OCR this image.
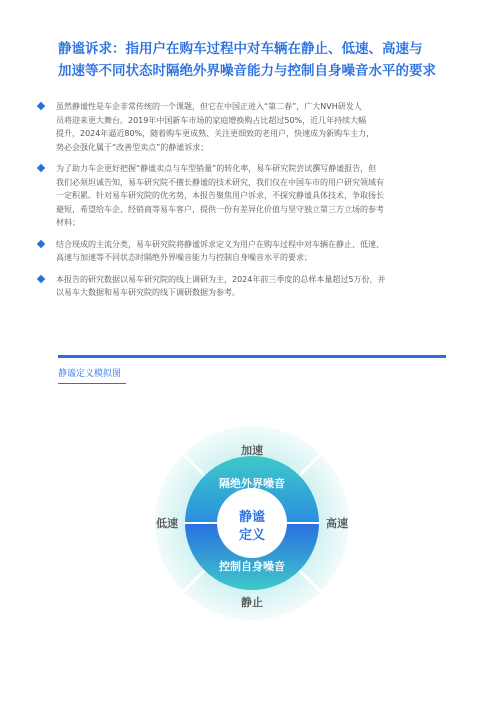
静谧诉求：指用户在购车过程中对车辆在静止、低速、高速与
加速等不同状态时隔绝外界噪音能力与控制自身噪音水平的要求
虽然静谧性是车企非常传统的一个课题，但它在中国正进入“第二春”，广大NVH研发人
员将迎来更大舞台。2019年中国新车市场的家庭增换购占比超过50%，近几年持续大幅
提升，2024年逼近80%，随着购车更成熟、关注更细致的老用户，快速成为新购车主力，
势必会强化属于“改善型卖点”的静谧诉求；
为了助力车企更好把握“静谧卖点与车型销量”的转化率，易车研究院尝试撰写静谧报告，但
我们必须坦诚告知，易车研究院不擅长静谧的技术研究，我们仅在中国车市的用户研究领域有
一定积累。针对易车研究院的优劣势，本报告聚焦用户诉求，不探究静谧具体技术，争取扬长
避短，希望给车企、经销商等易车客户，提供一份有差异化价值与坚守独立第三方立场的参考
材料；
结合现成的主流分类，易车研究院将静谧诉求定义为用户在购车过程中对车辆在静止、低速、
高速与加速等不同状态时隔绝外界噪音能力与控制自身噪音水平的要求；
本报告的研究数据以易车研究院的线上调研为主，2024年前三季度的总样本量超过5万份，并
以易车大数据和易车研究院的线下调研数据为参考。
静谧定义模拟图
加速
低速	高速
静止
隔绝外界噪音
控制自身噪音
静谧
定义
